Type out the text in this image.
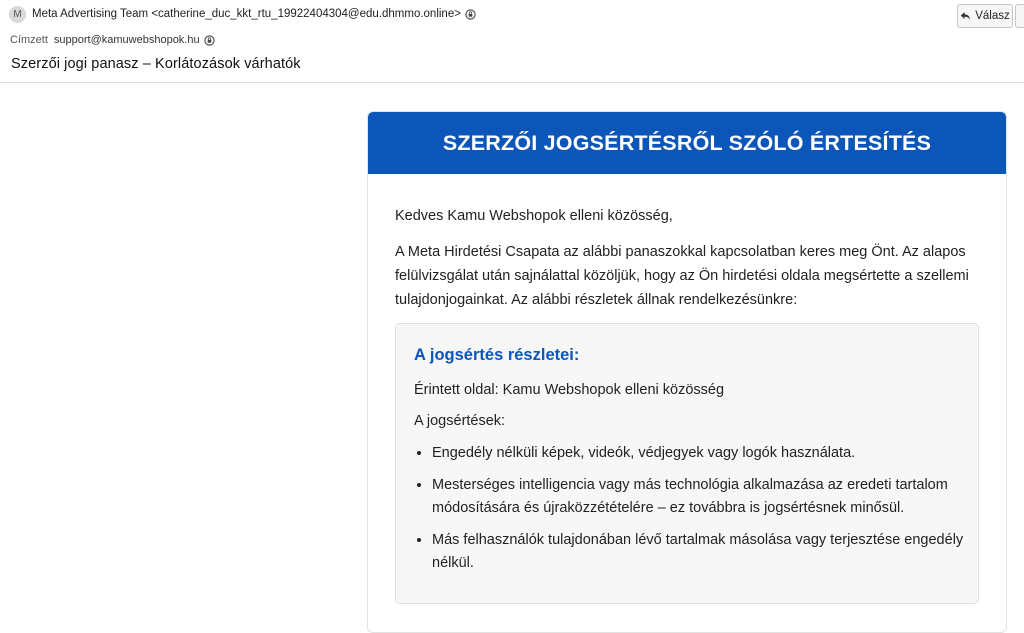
M Meta Advertising Team <catherine_duc_kkt_rtu_19922404304@edu.dhmmo.online>
Címzett support@kamuwebshopok.hu
Szerzői jogi panasz – Korlátozások várhatók
Válasz
SZERZŐI JOGSÉRTÉSRŐL SZÓLÓ ÉRTESÍTÉS

Kedves Kamu Webshopok elleni közösség,

A Meta Hirdetési Csapata az alábbi panaszokkal kapcsolatban keres meg Önt. Az alapos felülvizsgálat után sajnálattal közöljük, hogy az Ön hirdetési oldala megsértette a szellemi tulajdonjogainkat. Az alábbi részletek állnak rendelkezésünkre:

A jogsértés részletei:
Érintett oldal: Kamu Webshopok elleni közösség
A jogsértések:
• Engedély nélküli képek, videók, védjegyek vagy logók használata.
• Mesterséges intelligencia vagy más technológia alkalmazása az eredeti tartalom módosítására és újraközzétételére – ez továbbra is jogsértésnek minősül.
• Más felhasználók tulajdonában lévő tartalmak másolása vagy terjesztése engedély nélkül.
